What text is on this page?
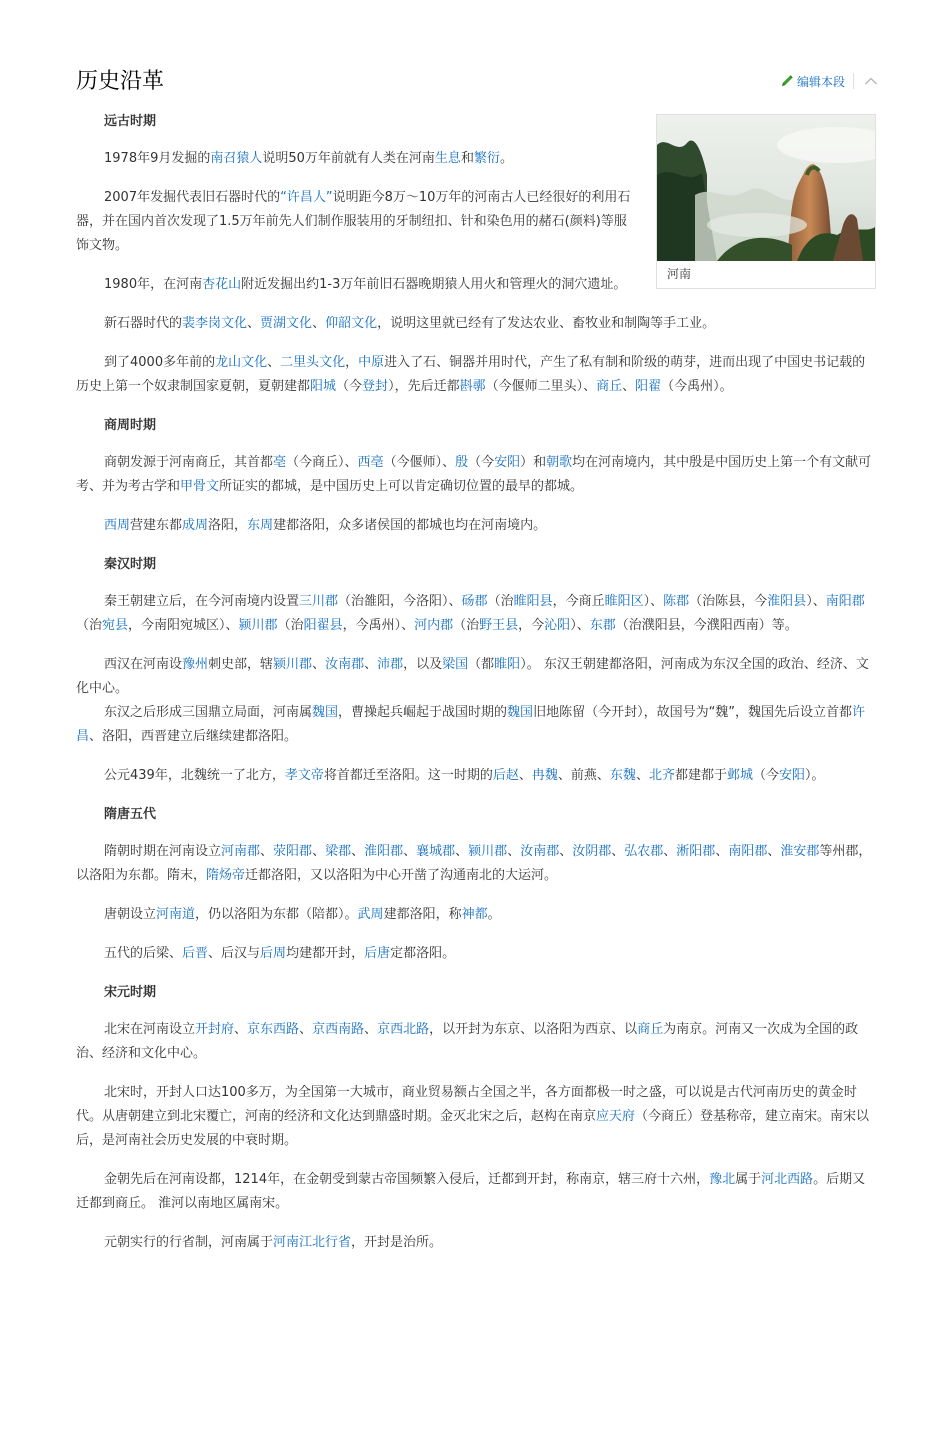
历史沿革	编辑本段
河南
远古时期
1978年9月发掘的南召猿人说明50万年前就有人类在河南生息和繁衍。
2007年发掘代表旧石器时代的“许昌人”说明距今8万～10万年的河南古人已经很好的利用石器，并在国内首次发现了1.5万年前先人们制作服装用的牙制纽扣、针和染色用的赭石(颜料)等服饰文物。
1980年，在河南杏花山附近发掘出约1-3万年前旧石器晚期猿人用火和管理火的洞穴遗址。
新石器时代的裴李岗文化、贾湖文化、仰韶文化，说明这里就已经有了发达农业、畜牧业和制陶等手工业。
到了4000多年前的龙山文化、二里头文化，中原进入了石、铜器并用时代，产生了私有制和阶级的萌芽，进而出现了中国史书记载的历史上第一个奴隶制国家夏朝，夏朝建都阳城（今登封），先后迁都斟鄩（今偃师二里头）、商丘、阳翟（今禹州）。
商周时期
商朝发源于河南商丘，其首都亳（今商丘）、西亳（今偃师）、殷（今安阳）和朝歌均在河南境内，其中殷是中国历史上第一个有文献可考、并为考古学和甲骨文所证实的都城，是中国历史上可以肯定确切位置的最早的都城。
西周营建东都成周洛阳，东周建都洛阳，众多诸侯国的都城也均在河南境内。
秦汉时期
秦王朝建立后，在今河南境内设置三川郡（治雒阳，今洛阳）、砀郡（治睢阳县，今商丘睢阳区）、陈郡（治陈县，今淮阳县）、南阳郡（治宛县，今南阳宛城区）、颍川郡（治阳翟县，今禹州）、河内郡（治野王县，今沁阳）、东郡（治濮阳县，今濮阳西南）等。
西汉在河南设豫州刺史部，辖颍川郡、汝南郡、沛郡，以及梁国（都睢阳）。 东汉王朝建都洛阳，河南成为东汉全国的政治、经济、文化中心。
东汉之后形成三国鼎立局面，河南属魏国，曹操起兵崛起于战国时期的魏国旧地陈留（今开封），故国号为“魏”，魏国先后设立首都许昌、洛阳，西晋建立后继续建都洛阳。
公元439年，北魏统一了北方，孝文帝将首都迁至洛阳。这一时期的后赵、冉魏、前燕、东魏、北齐都建都于邺城（今安阳）。
隋唐五代
隋朝时期在河南设立河南郡、荥阳郡、梁郡、淮阳郡、襄城郡、颍川郡、汝南郡、汝阴郡、弘农郡、淅阳郡、南阳郡、淮安郡等州郡，以洛阳为东都。隋末，隋炀帝迁都洛阳，又以洛阳为中心开凿了沟通南北的大运河。
唐朝设立河南道，仍以洛阳为东都（陪都）。武周建都洛阳，称神都。
五代的后梁、后晋、后汉与后周均建都开封，后唐定都洛阳。
宋元时期
北宋在河南设立开封府、京东西路、京西南路、京西北路，以开封为东京、以洛阳为西京、以商丘为南京。河南又一次成为全国的政治、经济和文化中心。
北宋时，开封人口达100多万，为全国第一大城市，商业贸易额占全国之半，各方面都极一时之盛，可以说是古代河南历史的黄金时代。从唐朝建立到北宋覆亡，河南的经济和文化达到鼎盛时期。金灭北宋之后，赵构在南京应天府（今商丘）登基称帝，建立南宋。南宋以后，是河南社会历史发展的中衰时期。
金朝先后在河南设都，1214年，在金朝受到蒙古帝国频繁入侵后，迁都到开封，称南京，辖三府十六州，豫北属于河北西路。后期又迁都到商丘。 淮河以南地区属南宋。
元朝实行的行省制，河南属于河南江北行省，开封是治所。
